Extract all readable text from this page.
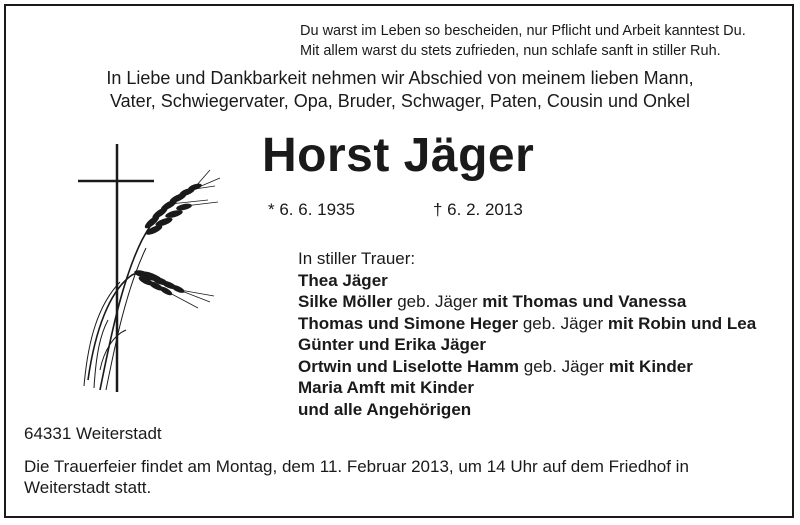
Du warst im Leben so bescheiden, nur Pflicht und Arbeit kanntest Du.
Mit allem warst du stets zufrieden, nun schlafe sanft in stiller Ruh.
In Liebe und Dankbarkeit nehmen wir Abschied von meinem lieben Mann,
Vater, Schwiegervater, Opa, Bruder, Schwager, Paten, Cousin und Onkel
Horst Jäger
* 6. 6. 1935	† 6. 2. 2013
In stiller Trauer:
Thea Jäger
Silke Möller geb. Jäger mit Thomas und Vanessa
Thomas und Simone Heger geb. Jäger mit Robin und Lea
Günter und Erika Jäger
Ortwin und Liselotte Hamm geb. Jäger mit Kinder
Maria Amft mit Kinder
und alle Angehörigen
64331 Weiterstadt
Die Trauerfeier findet am Montag, dem 11. Februar 2013, um 14 Uhr auf dem Friedhof in Weiterstadt statt.
